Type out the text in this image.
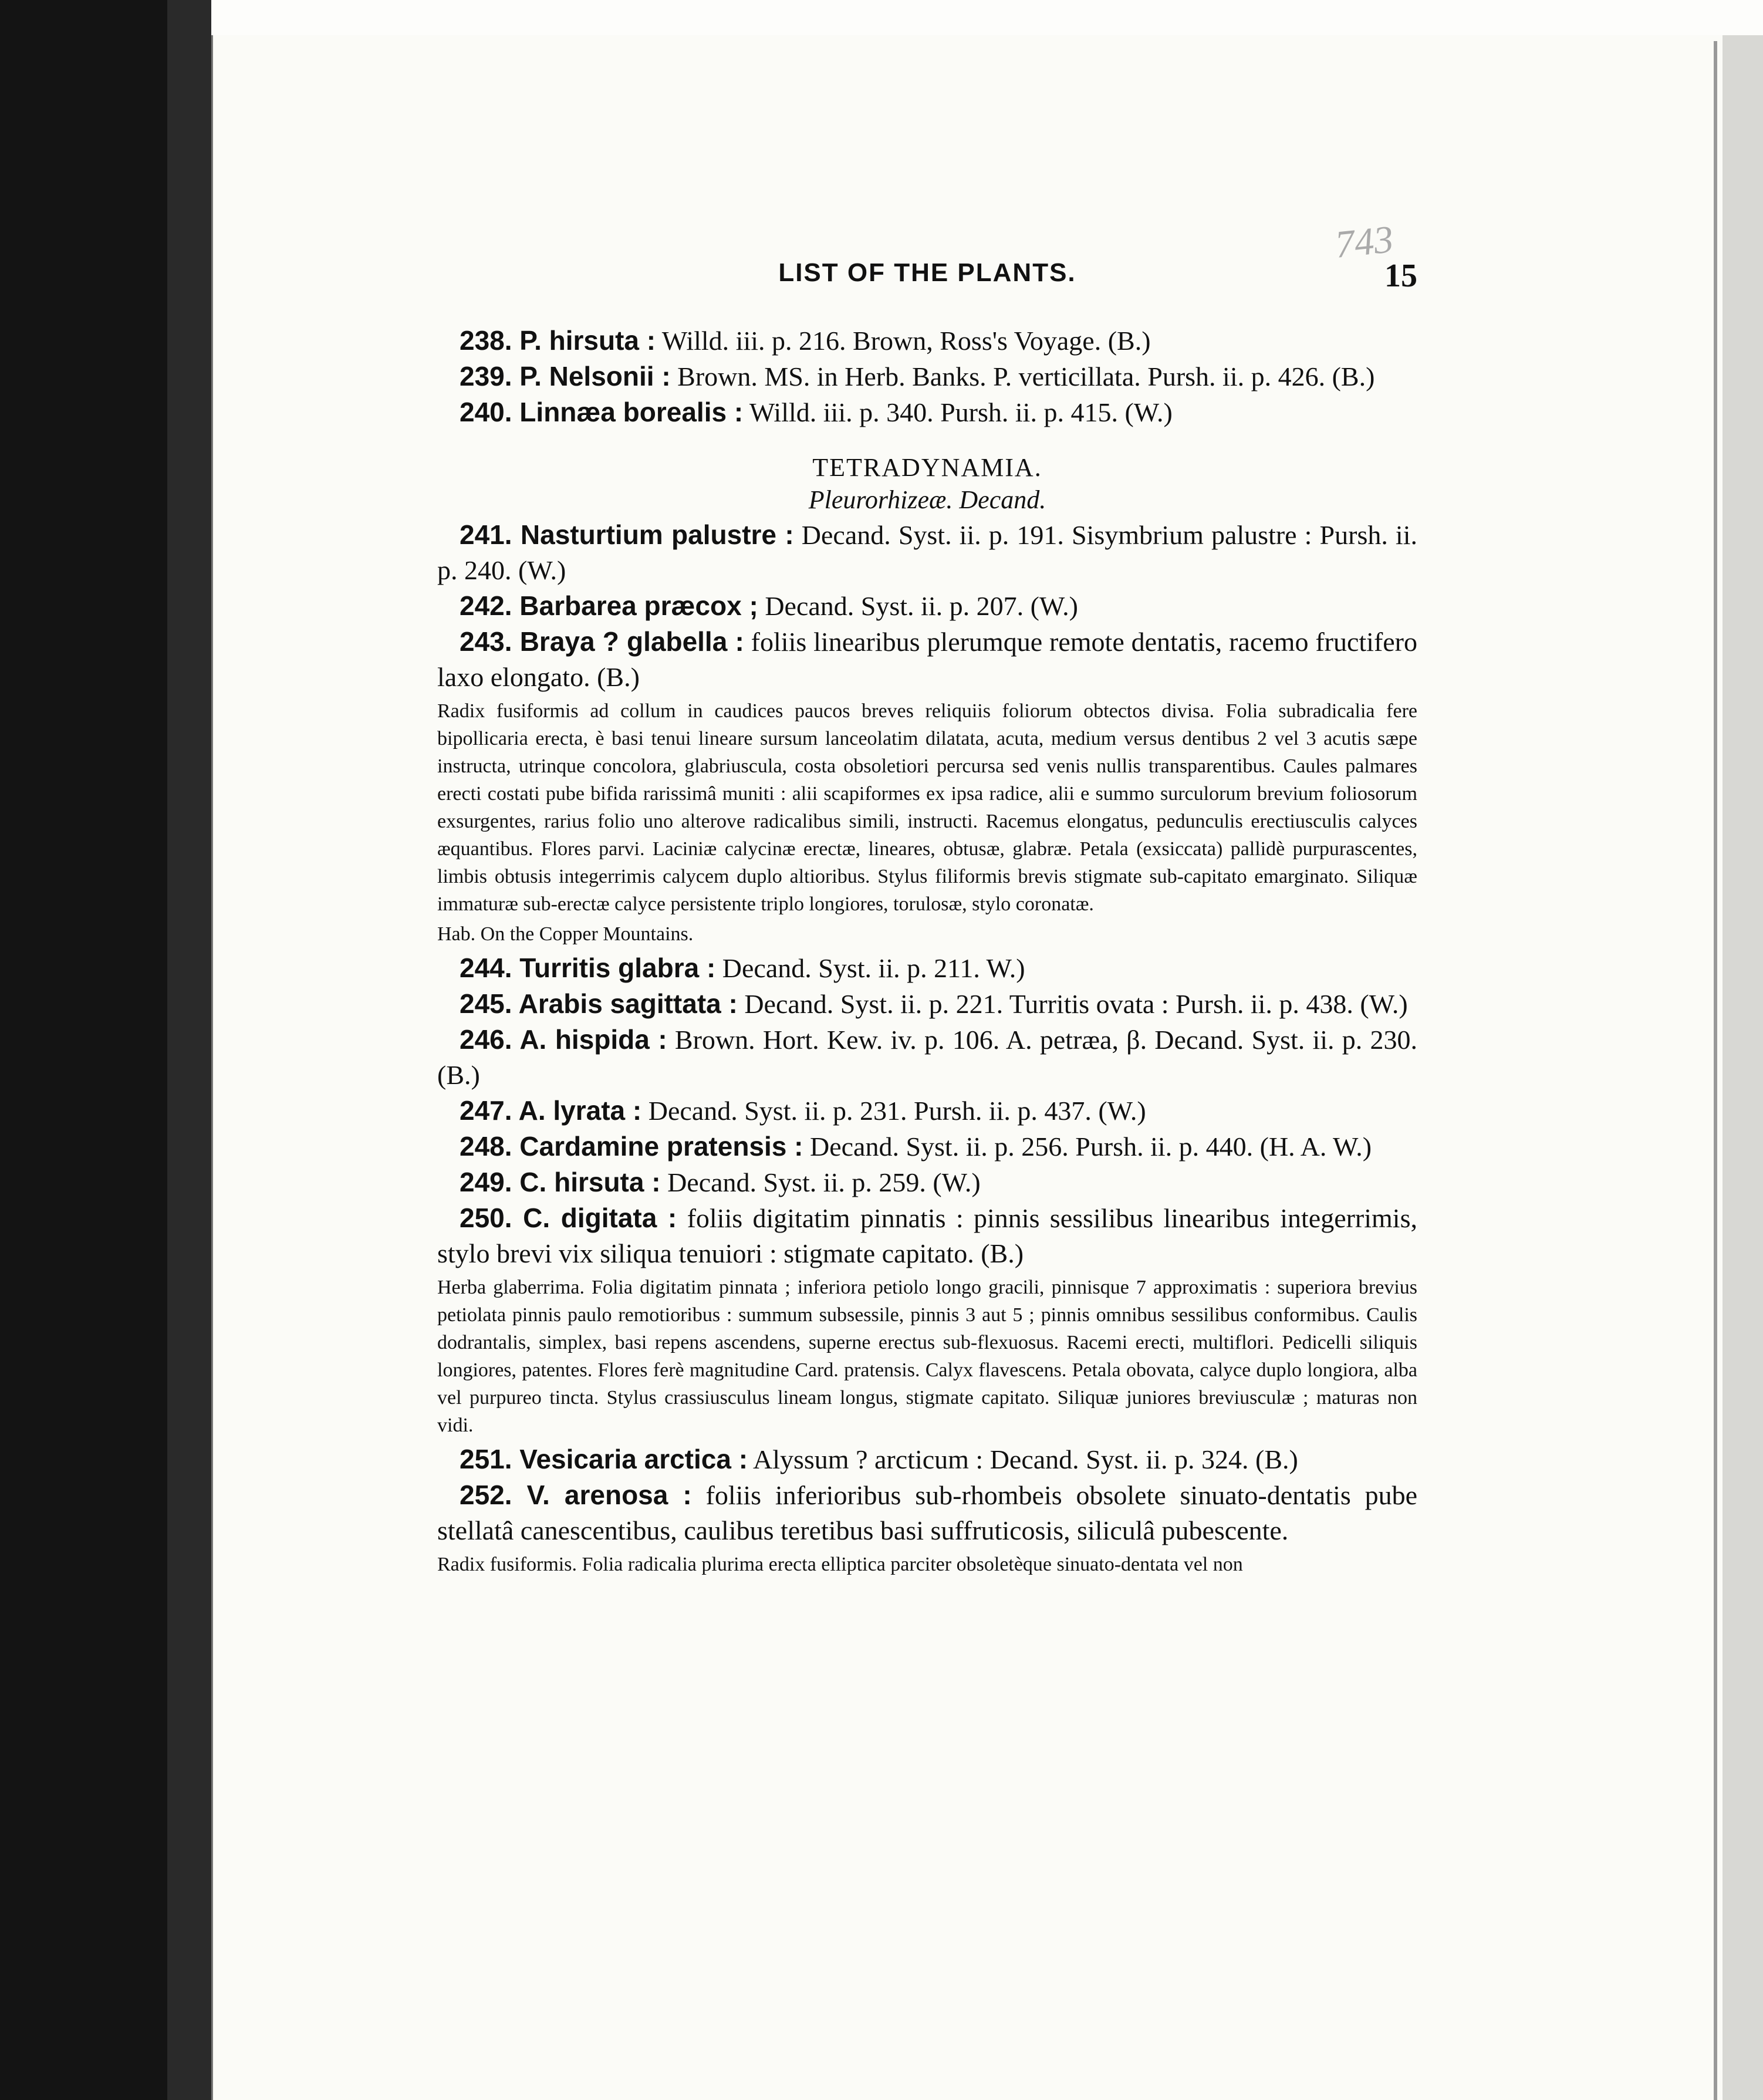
743
LIST OF THE PLANTS.	15

238. P. hirsuta : Willd. iii. p. 216. Brown, Ross's Voyage. (B.)

239. P. Nelsonii : Brown. MS. in Herb. Banks. P. verticillata. Pursh. ii. p. 426. (B.)

240. Linnæa borealis : Willd. iii. p. 340. Pursh. ii. p. 415. (W.)

TETRADYNAMIA.
Pleurorhizeæ. Decand.

241. Nasturtium palustre : Decand. Syst. ii. p. 191. Sisymbrium palustre : Pursh. ii. p. 240. (W.)

242. Barbarea præcox ; Decand. Syst. ii. p. 207. (W.)

243. Braya ? glabella : foliis linearibus plerumque remote dentatis, racemo fructifero laxo elongato. (B.)

Radix fusiformis ad collum in caudices paucos breves reliquiis foliorum obtectos divisa. Folia subradicalia fere bipollicaria erecta, è basi tenui lineare sursum lanceolatim dilatata, acuta, medium versus dentibus 2 vel 3 acutis sæpe instructa, utrinque concolora, glabriuscula, costa obsoletiori percursa sed venis nullis transparentibus. Caules palmares erecti costati pube bifida rarissimâ muniti : alii scapiformes ex ipsa radice, alii e summo surculorum brevium foliosorum exsurgentes, rarius folio uno alterove radicalibus simili, instructi. Racemus elongatus, pedunculis erectiusculis calyces æquantibus. Flores parvi. Laciniæ calycinæ erectæ, lineares, obtusæ, glabræ. Petala (exsiccata) pallidè purpurascentes, limbis obtusis integerrimis calycem duplo altioribus. Stylus filiformis brevis stigmate sub-capitato emarginato. Siliquæ immaturæ sub-erectæ calyce persistente triplo longiores, torulosæ, stylo coronatæ.

Hab. On the Copper Mountains.

244. Turritis glabra : Decand. Syst. ii. p. 211. W.)

245. Arabis sagittata : Decand. Syst. ii. p. 221. Turritis ovata : Pursh. ii. p. 438. (W.)

246. A. hispida : Brown. Hort. Kew. iv. p. 106. A. petræa, β. Decand. Syst. ii. p. 230. (B.)

247. A. lyrata : Decand. Syst. ii. p. 231. Pursh. ii. p. 437. (W.)

248. Cardamine pratensis : Decand. Syst. ii. p. 256. Pursh. ii. p. 440. (H. A. W.)

249. C. hirsuta : Decand. Syst. ii. p. 259. (W.)

250. C. digitata : foliis digitatim pinnatis : pinnis sessilibus linearibus integerrimis, stylo brevi vix siliqua tenuiori : stigmate capitato. (B.)

Herba glaberrima. Folia digitatim pinnata ; inferiora petiolo longo gracili, pinnisque 7 approximatis : superiora brevius petiolata pinnis paulo remotioribus : summum subsessile, pinnis 3 aut 5 ; pinnis omnibus sessilibus conformibus. Caulis dodrantalis, simplex, basi repens ascendens, superne erectus sub-flexuosus. Racemi erecti, multiflori. Pedicelli siliquis longiores, patentes. Flores ferè magnitudine Card. pratensis. Calyx flavescens. Petala obovata, calyce duplo longiora, alba vel purpureo tincta. Stylus crassiusculus lineam longus, stigmate capitato. Siliquæ juniores breviusculæ ; maturas non vidi.

251. Vesicaria arctica : Alyssum ? arcticum : Decand. Syst. ii. p. 324. (B.)

252. V. arenosa : foliis inferioribus sub-rhombeis obsolete sinuato-dentatis pube stellatâ canescentibus, caulibus teretibus basi suffruticosis, siliculâ pubescente.

Radix fusiformis. Folia radicalia plurima erecta elliptica parciter obsoletèque sinuato-dentata vel non
